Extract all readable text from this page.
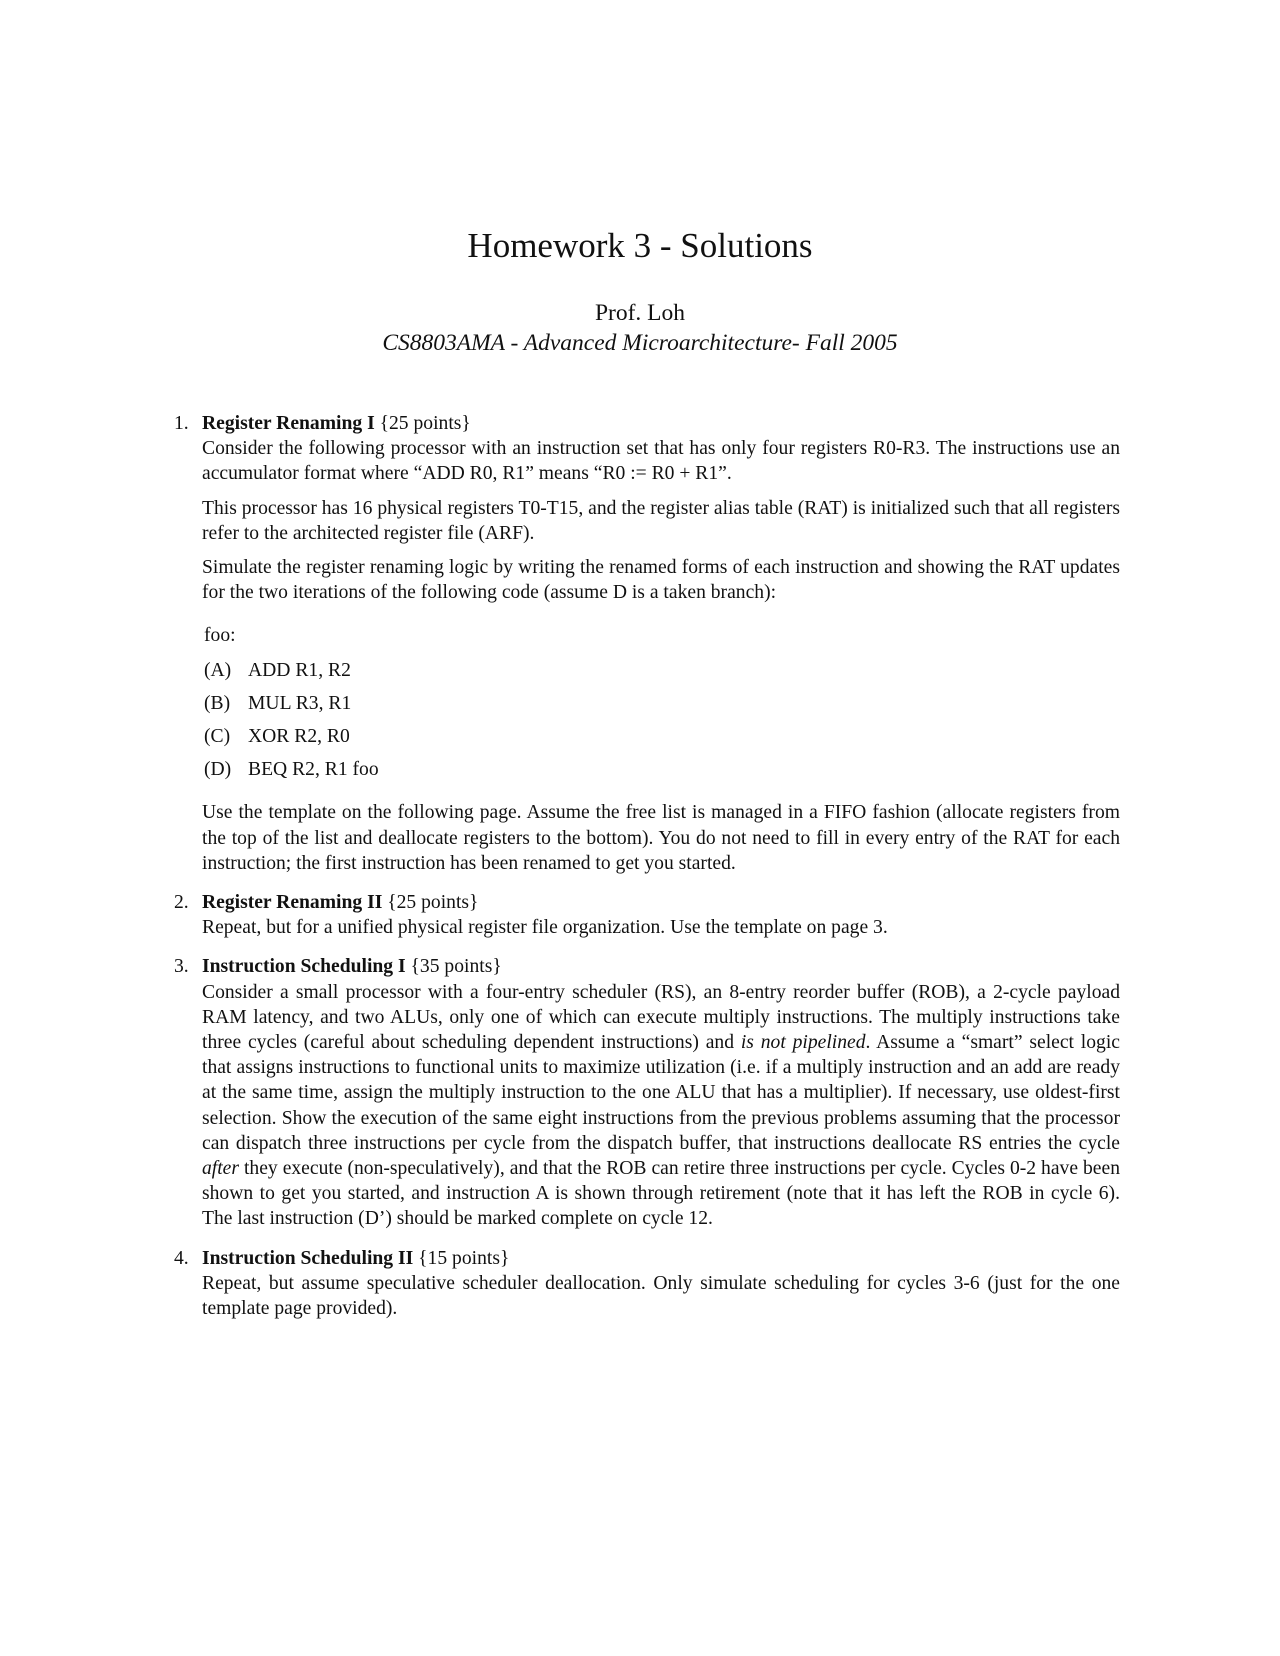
Homework 3 - Solutions
Prof. Loh
CS8803AMA - Advanced Microarchitecture- Fall 2005
1. Register Renaming I {25 points}

Consider the following processor with an instruction set that has only four registers R0-R3. The instructions use an accumulator format where “ADD R0, R1” means “R0 := R0 + R1”.

This processor has 16 physical registers T0-T15, and the register alias table (RAT) is initialized such that all registers refer to the architected register file (ARF).

Simulate the register renaming logic by writing the renamed forms of each instruction and showing the RAT updates for the two iterations of the following code (assume D is a taken branch):

foo:
(A) ADD R1, R2
(B) MUL R3, R1
(C) XOR R2, R0
(D) BEQ R2, R1 foo

Use the template on the following page. Assume the free list is managed in a FIFO fashion (allocate registers from the top of the list and deallocate registers to the bottom). You do not need to fill in every entry of the RAT for each instruction; the first instruction has been renamed to get you started.

2. Register Renaming II {25 points}

Repeat, but for a unified physical register file organization. Use the template on page 3.

3. Instruction Scheduling I {35 points}

Consider a small processor with a four-entry scheduler (RS), an 8-entry reorder buffer (ROB), a 2-cycle payload RAM latency, and two ALUs, only one of which can execute multiply instructions. The multiply instructions take three cycles (careful about scheduling dependent instructions) and is not pipelined. Assume a “smart” select logic that assigns instructions to functional units to maximize utilization (i.e. if a multiply instruction and an add are ready at the same time, assign the multiply instruction to the one ALU that has a multiplier). If necessary, use oldest-first selection. Show the execution of the same eight instructions from the previous problems assuming that the processor can dispatch three instructions per cycle from the dispatch buffer, that instructions deallocate RS entries the cycle after they execute (non-speculatively), and that the ROB can retire three instructions per cycle. Cycles 0-2 have been shown to get you started, and instruction A is shown through retirement (note that it has left the ROB in cycle 6). The last instruction (D’) should be marked complete on cycle 12.

4. Instruction Scheduling II {15 points}

Repeat, but assume speculative scheduler deallocation. Only simulate scheduling for cycles 3-6 (just for the one template page provided).
